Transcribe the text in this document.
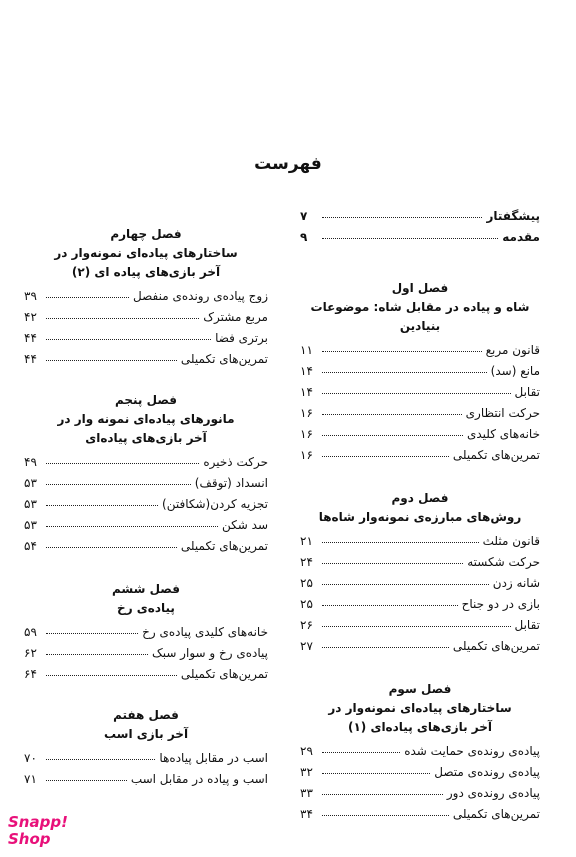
فهرست
پیشگفتار
۷
مقدمه
۹
فصل اول
شاه و پیاده در مقابل شاه: موضوعات بنیادین
قانون مربع
۱۱
مانع (سد)
۱۴
تقابل
۱۴
حرکت انتظاری
۱۶
خانه‌های کلیدی
۱۶
تمرین‌های تکمیلی
۱۶
فصل دوم
روش‌های مبارزه‌ی نمونه‌وار شاه‌ها
قانون مثلث
۲۱
حرکت شکسته
۲۴
شانه زدن
۲۵
بازی در دو جناح
۲۵
تقابل
۲۶
تمرین‌های تکمیلی
۲۷
فصل سوم
ساختارهای پیاده‌ای نمونه‌وار در
آخر بازی‌های پیاده‌ای (۱)
پیاده‌ی رونده‌ی حمایت شده
۲۹
پیاده‌ی رونده‌ی متصل
۳۲
پیاده‌ی رونده‌ی دور
۳۳
تمرین‌های تکمیلی
۳۴
فصل چهارم
ساختارهای پیاده‌ای نمونه‌وار در
آخر بازی‌های پیاده ای (۲)
زوج پیاده‌ی رونده‌ی منفصل
۳۹
مربع مشترک
۴۲
برتری فضا
۴۴
تمرین‌های تکمیلی
۴۴
فصل پنجم
مانورهای پیاده‌ای نمونه وار در
آخر بازی‌های پیاده‌ای
حرکت ذخیره
۴۹
انسداد (توقف)
۵۳
تجزیه کردن(شکافتن)
۵۳
سد شکن
۵۳
تمرین‌های تکمیلی
۵۴
فصل ششم
پیاده‌ی رخ
خانه‌های کلیدی پیاده‌ی رخ
۵۹
پیاده‌ی رخ و سوار سبک
۶۲
تمرین‌های تکمیلی
۶۴
فصل هفتم
آخر بازی اسب
اسب در مقابل پیاده‌ها
۷۰
اسب و پیاده در مقابل اسب
۷۱
Snapp!
Shop
